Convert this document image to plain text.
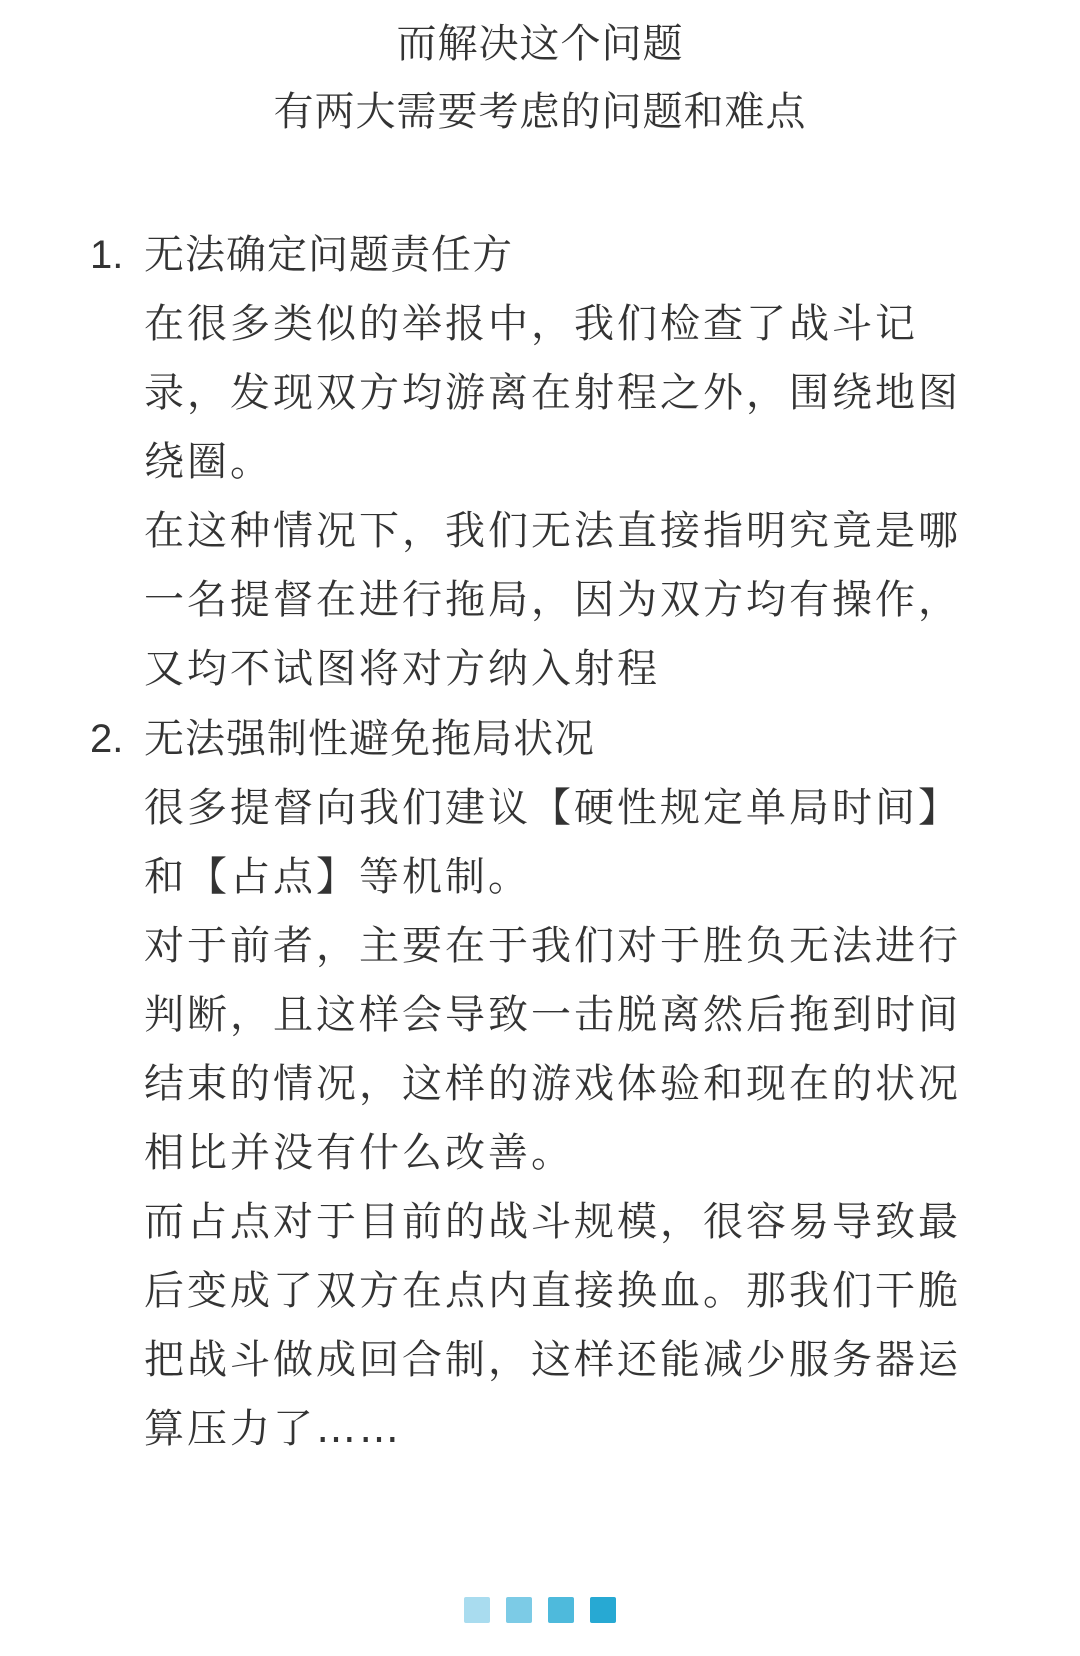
而解决这个问题
有两大需要考虑的问题和难点
1. 无法确定问题责任方

在很多类似的举报中，我们检查了战斗记
录，发现双方均游离在射程之外，围绕地图
绕圈。

在这种情况下，我们无法直接指明究竟是哪
一名提督在进行拖局，因为双方均有操作，
又均不试图将对方纳入射程

2. 无法强制性避免拖局状况

很多提督向我们建议【硬性规定单局时间】
和【占点】等机制。

对于前者，主要在于我们对于胜负无法进行
判断，且这样会导致一击脱离然后拖到时间
结束的情况，这样的游戏体验和现在的状况
相比并没有什么改善。

而占点对于目前的战斗规模，很容易导致最
后变成了双方在点内直接换血。那我们干脆
把战斗做成回合制，这样还能减少服务器运
算压力了……
